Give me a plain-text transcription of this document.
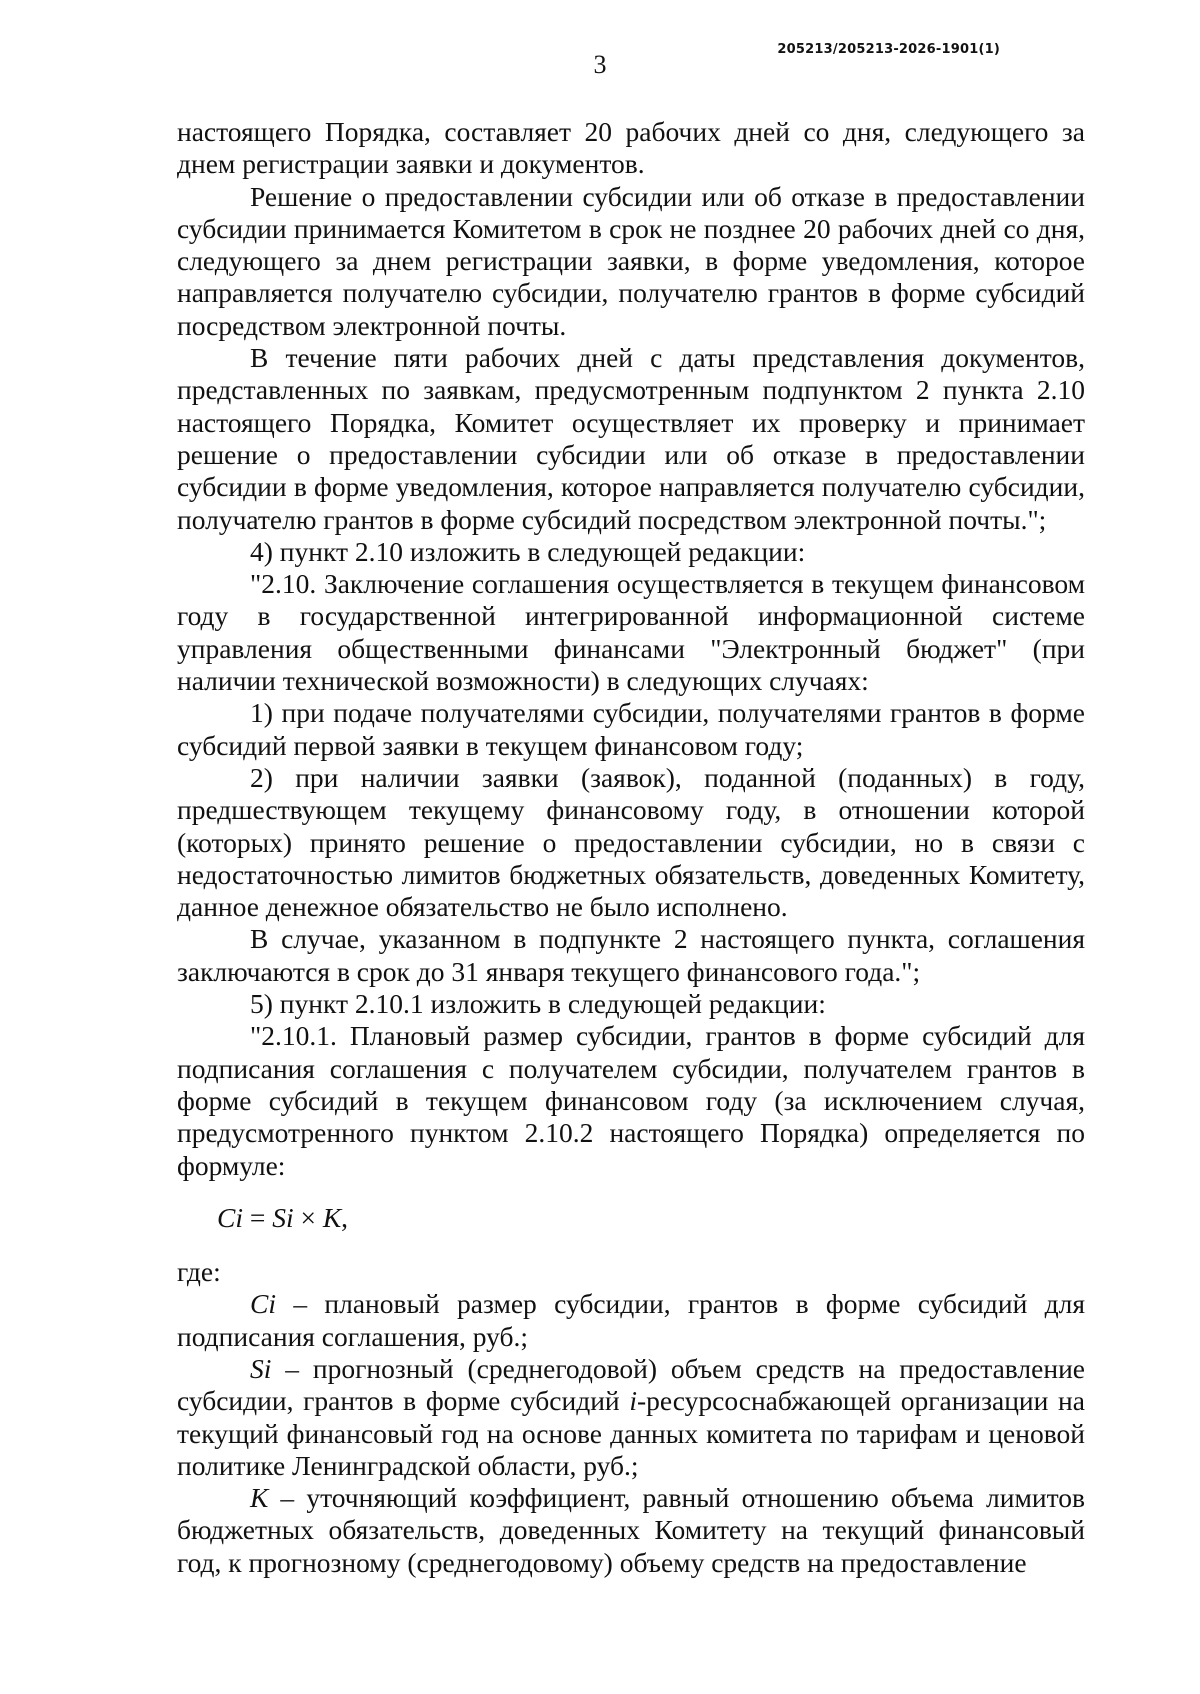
3
205213/205213-2026-1901(1)

настоящего Порядка, составляет 20 рабочих дней со дня, следующего за днем регистрации заявки и документов.

Решение о предоставлении субсидии или об отказе в предоставлении субсидии принимается Комитетом в срок не позднее 20 рабочих дней со дня, следующего за днем регистрации заявки, в форме уведомления, которое направляется получателю субсидии, получателю грантов в форме субсидий посредством электронной почты.

В течение пяти рабочих дней с даты представления документов, представленных по заявкам, предусмотренным подпунктом 2 пункта 2.10 настоящего Порядка, Комитет осуществляет их проверку и принимает решение о предоставлении субсидии или об отказе в предоставлении субсидии в форме уведомления, которое направляется получателю субсидии, получателю грантов в форме субсидий посредством электронной почты.";

4) пункт 2.10 изложить в следующей редакции:

"2.10. Заключение соглашения осуществляется в текущем финансовом году в государственной интегрированной информационной системе управления общественными финансами "Электронный бюджет" (при наличии технической возможности) в следующих случаях:

1) при подаче получателями субсидии, получателями грантов в форме субсидий первой заявки в текущем финансовом году;

2) при наличии заявки (заявок), поданной (поданных) в году, предшествующем текущему финансовому году, в отношении которой (которых) принято решение о предоставлении субсидии, но в связи с недостаточностью лимитов бюджетных обязательств, доведенных Комитету, данное денежное обязательство не было исполнено.

В случае, указанном в подпункте 2 настоящего пункта, соглашения заключаются в срок до 31 января текущего финансового года.";

5) пункт 2.10.1 изложить в следующей редакции:

"2.10.1. Плановый размер субсидии, грантов в форме субсидий для подписания соглашения с получателем субсидии, получателем грантов в форме субсидий в текущем финансовом году (за исключением случая, предусмотренного пунктом 2.10.2 настоящего Порядка) определяется по формуле:

Ci = Si × К,

где:

Ci – плановый размер субсидии, грантов в форме субсидий для подписания соглашения, руб.;

Si – прогнозный (среднегодовой) объем средств на предоставление субсидии, грантов в форме субсидий i-ресурсоснабжающей организации на текущий финансовый год на основе данных комитета по тарифам и ценовой политике Ленинградской области, руб.;

К – уточняющий коэффициент, равный отношению объема лимитов бюджетных обязательств, доведенных Комитету на текущий финансовый год, к прогнозному (среднегодовому) объему средств на предоставление
